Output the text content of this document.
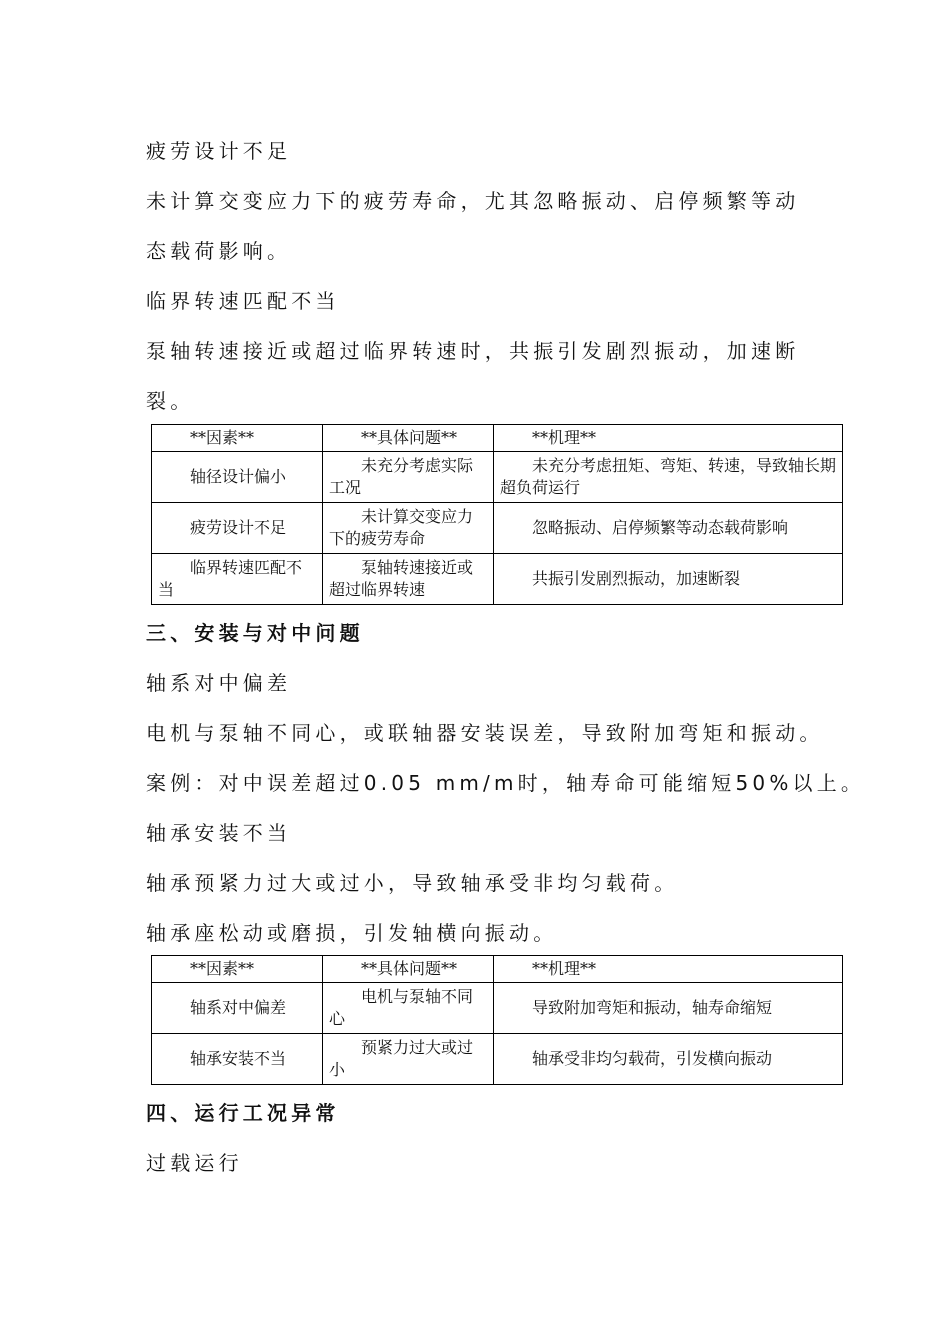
疲劳设计不足

未计算交变应力下的疲劳寿命，尤其忽略振动、启停频繁等动

态载荷影响。

临界转速匹配不当

泵轴转速接近或超过临界转速时，共振引发剧烈振动，加速断

裂。

**因素**	**具体问题**	**机理**
轴径设计偏小	未充分考虑实际工况	未充分考虑扭矩、弯矩、转速，导致轴长期超负荷运行
疲劳设计不足	未计算交变应力下的疲劳寿命	忽略振动、启停频繁等动态载荷影响
临界转速匹配不当	泵轴转速接近或超过临界转速	共振引发剧烈振动，加速断裂

三、安装与对中问题

轴系对中偏差

电机与泵轴不同心，或联轴器安装误差，导致附加弯矩和振动。

案例：对中误差超过0.05 mm/m时，轴寿命可能缩短50%以上。

轴承安装不当

轴承预紧力过大或过小，导致轴承受非均匀载荷。

轴承座松动或磨损，引发轴横向振动。

**因素**	**具体问题**	**机理**
轴系对中偏差	电机与泵轴不同心	导致附加弯矩和振动，轴寿命缩短
轴承安装不当	预紧力过大或过小	轴承受非均匀载荷，引发横向振动

四、运行工况异常

过载运行
